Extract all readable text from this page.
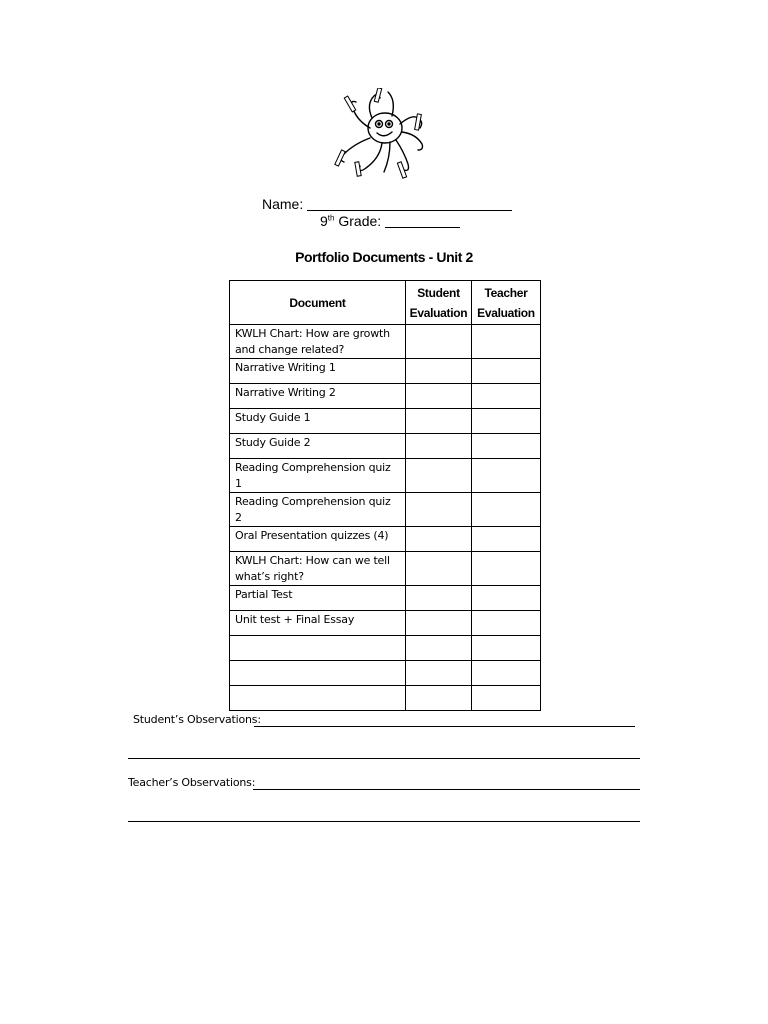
Name:
9th Grade:
Portfolio Documents - Unit 2
Document	Student Evaluation	Teacher Evaluation
KWLH Chart: How are growth and change related?		
Narrative Writing 1		
Narrative Writing 2		
Study Guide 1		
Study Guide 2		
Reading Comprehension quiz 1		
Reading Comprehension quiz 2		
Oral Presentation quizzes (4)		
KWLH Chart: How can we tell what’s right?		
Partial Test		
Unit test + Final Essay		

Student’s Observations:
Teacher’s Observations:
